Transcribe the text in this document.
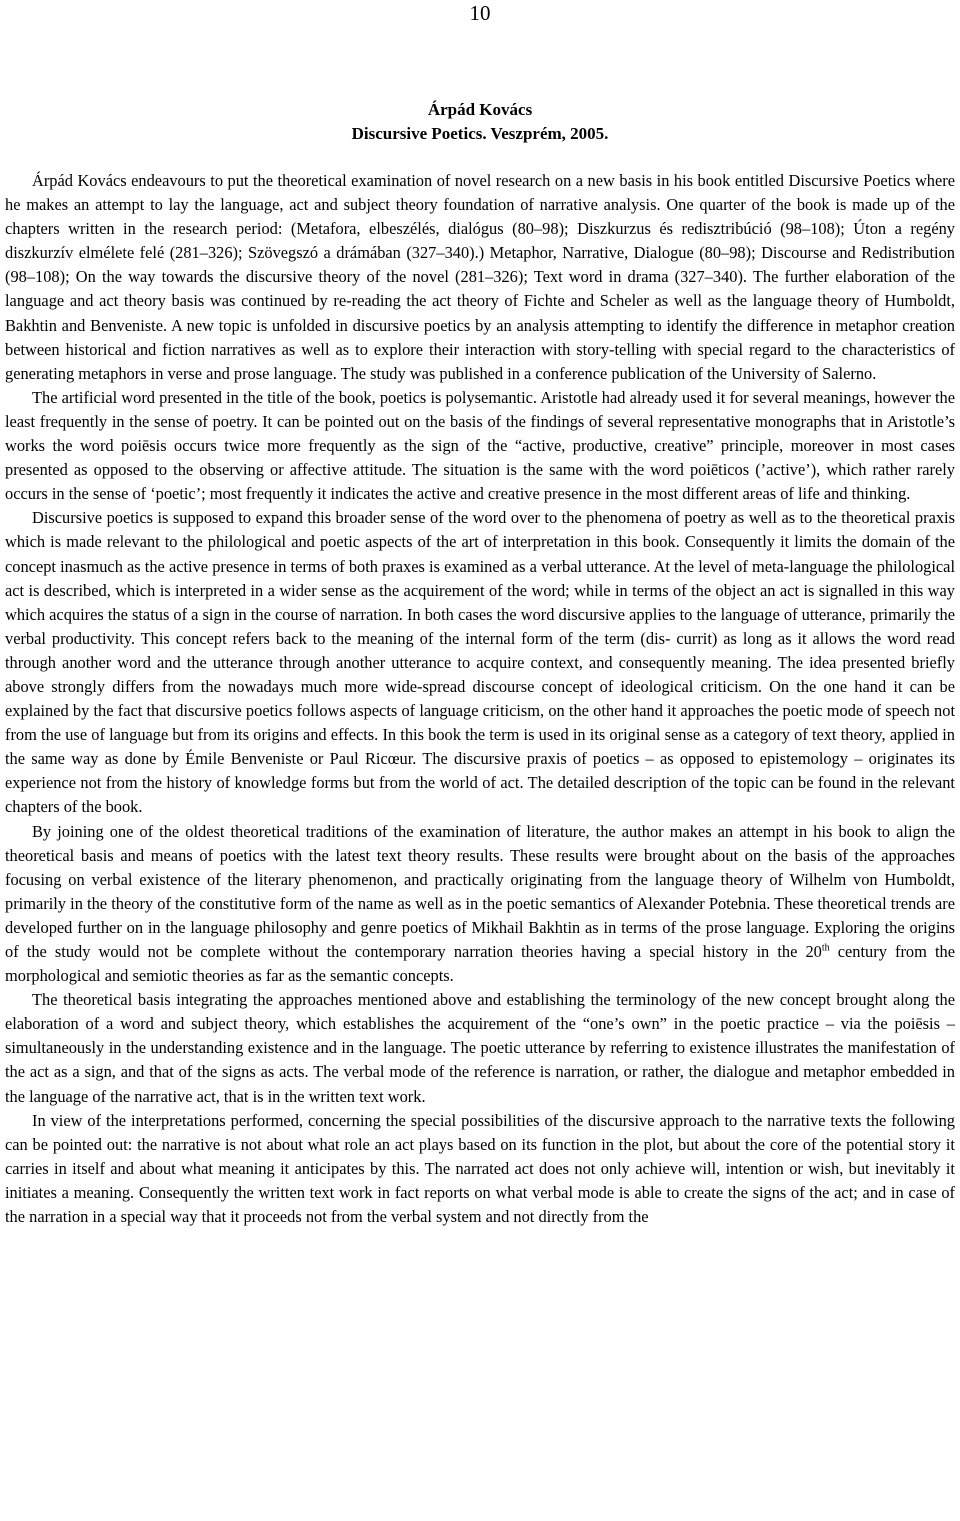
10
Árpád Kovács
Discursive Poetics. Veszprém, 2005.

Árpád Kovács endeavours to put the theoretical examination of novel research on a new basis in his book entitled Discursive Poetics where he makes an attempt to lay the language, act and subject theory foundation of narrative analysis. One quarter of the book is made up of the chapters written in the research period: (Metafora, elbeszélés, dialógus (80–98); Diszkurzus és redisztribúció (98–108); Úton a regény diszkurzív elmélete felé (281–326); Szövegszó a drámában (327–340).) Metaphor, Narrative, Dialogue (80–98); Discourse and Redistribution (98–108); On the way towards the discursive theory of the novel (281–326); Text word in drama (327–340). The further elaboration of the language and act theory basis was continued by re-reading the act theory of Fichte and Scheler as well as the language theory of Humboldt, Bakhtin and Benveniste. A new topic is unfolded in discursive poetics by an analysis attempting to identify the difference in metaphor creation between historical and fiction narratives as well as to explore their interaction with story-telling with special regard to the characteristics of generating metaphors in verse and prose language. The study was published in a conference publication of the University of Salerno.

The artificial word presented in the title of the book, poetics is polysemantic. Aristotle had already used it for several meanings, however the least frequently in the sense of poetry. It can be pointed out on the basis of the findings of several representative monographs that in Aristotle’s works the word poiēsis occurs twice more frequently as the sign of the “active, productive, creative” principle, moreover in most cases presented as opposed to the observing or affective attitude. The situation is the same with the word poiēticos (’active’), which rather rarely occurs in the sense of ‘poetic’; most frequently it indicates the active and creative presence in the most different areas of life and thinking.

Discursive poetics is supposed to expand this broader sense of the word over to the phenomena of poetry as well as to the theoretical praxis which is made relevant to the philological and poetic aspects of the art of interpretation in this book. Consequently it limits the domain of the concept inasmuch as the active presence in terms of both praxes is examined as a verbal utterance. At the level of meta-language the philological act is described, which is interpreted in a wider sense as the acquirement of the word; while in terms of the object an act is signalled in this way which acquires the status of a sign in the course of narration. In both cases the word discursive applies to the language of utterance, primarily the verbal productivity. This concept refers back to the meaning of the internal form of the term (dis- currit) as long as it allows the word read through another word and the utterance through another utterance to acquire context, and consequently meaning. The idea presented briefly above strongly differs from the nowadays much more wide-spread discourse concept of ideological criticism. On the one hand it can be explained by the fact that discursive poetics follows aspects of language criticism, on the other hand it approaches the poetic mode of speech not from the use of language but from its origins and effects. In this book the term is used in its original sense as a category of text theory, applied in the same way as done by Émile Benveniste or Paul Ricœur. The discursive praxis of poetics – as opposed to epistemology – originates its experience not from the history of knowledge forms but from the world of act. The detailed description of the topic can be found in the relevant chapters of the book.

By joining one of the oldest theoretical traditions of the examination of literature, the author makes an attempt in his book to align the theoretical basis and means of poetics with the latest text theory results. These results were brought about on the basis of the approaches focusing on verbal existence of the literary phenomenon, and practically originating from the language theory of Wilhelm von Humboldt, primarily in the theory of the constitutive form of the name as well as in the poetic semantics of Alexander Potebnia. These theoretical trends are developed further on in the language philosophy and genre poetics of Mikhail Bakhtin as in terms of the prose language. Exploring the origins of the study would not be complete without the contemporary narration theories having a special history in the 20th century from the morphological and semiotic theories as far as the semantic concepts.

The theoretical basis integrating the approaches mentioned above and establishing the terminology of the new concept brought along the elaboration of a word and subject theory, which establishes the acquirement of the “one’s own” in the poetic practice – via the poiēsis – simultaneously in the understanding existence and in the language. The poetic utterance by referring to existence illustrates the manifestation of the act as a sign, and that of the signs as acts. The verbal mode of the reference is narration, or rather, the dialogue and metaphor embedded in the language of the narrative act, that is in the written text work.

In view of the interpretations performed, concerning the special possibilities of the discursive approach to the narrative texts the following can be pointed out: the narrative is not about what role an act plays based on its function in the plot, but about the core of the potential story it carries in itself and about what meaning it anticipates by this. The narrated act does not only achieve will, intention or wish, but inevitably it initiates a meaning. Consequently the written text work in fact reports on what verbal mode is able to create the signs of the act; and in case of the narration in a special way that it proceeds not from the verbal system and not directly from the
